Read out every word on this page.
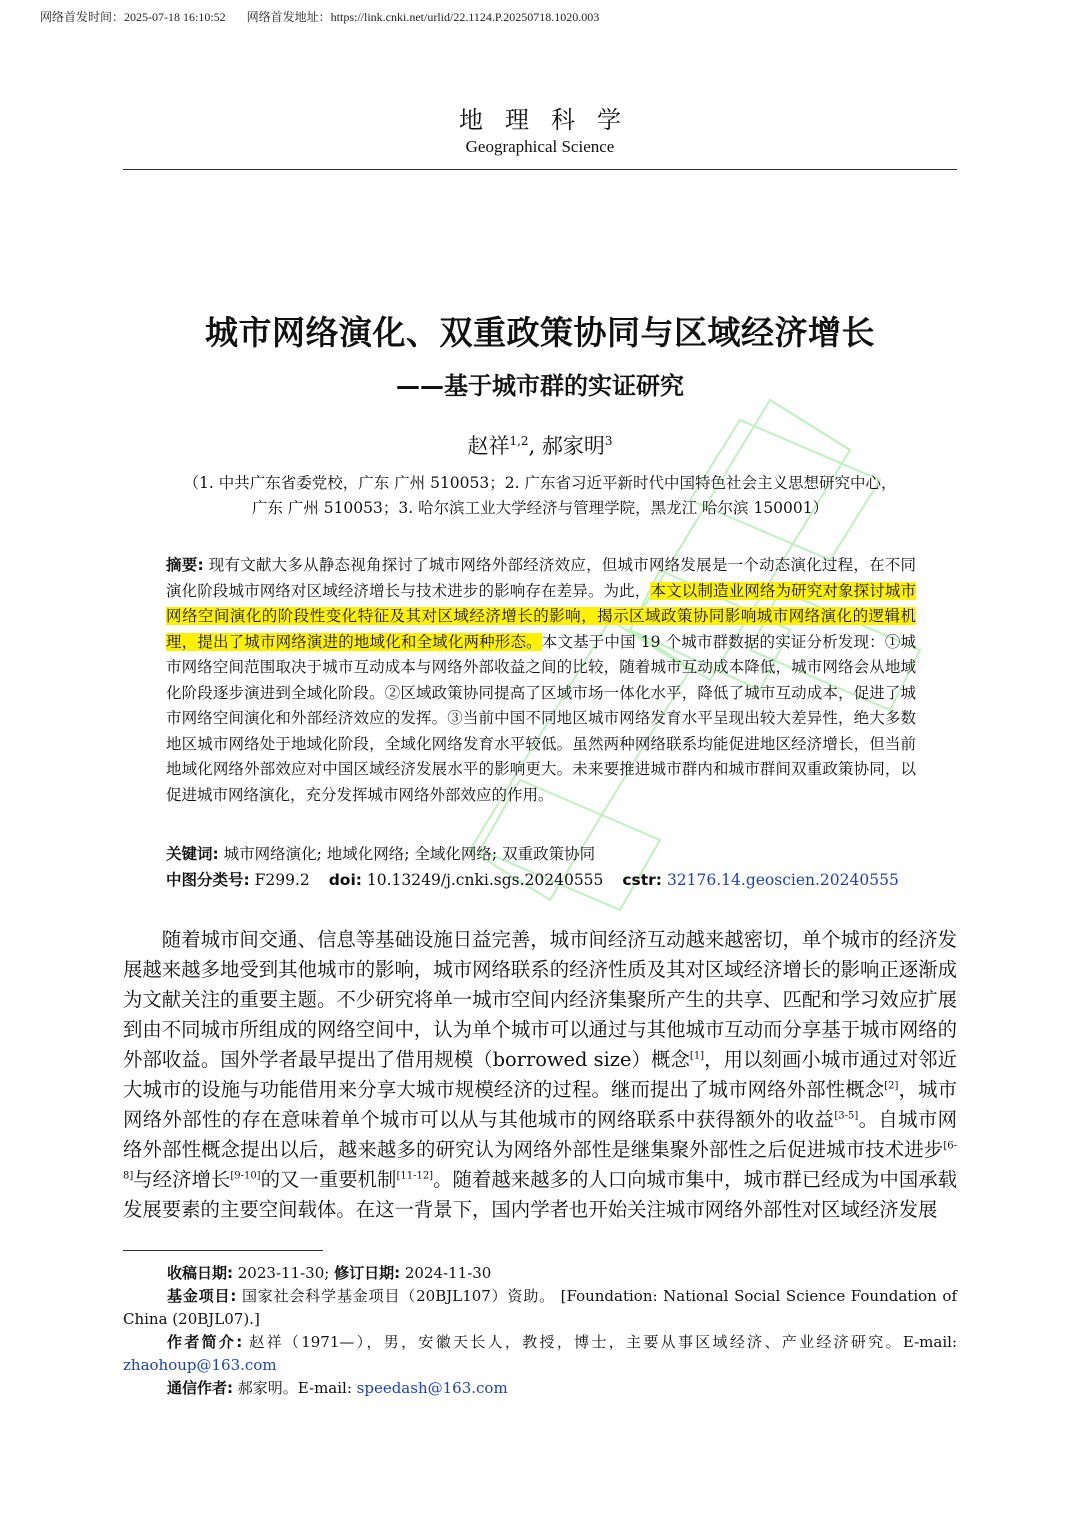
网络首发时间：2025-07-18 16:10:52 网络首发地址：https://link.cnki.net/urlid/22.1124.P.20250718.1020.003
地理科学
Geographical Science
城市网络演化、双重政策协同与区域经济增长
——基于城市群的实证研究
赵祥$^{1,2}$, 郝家明$^3$
（1. 中共广东省委党校，广东 广州 510053；2. 广东省习近平新时代中国特色社会主义思想研究中心，
广东 广州 510053；3. 哈尔滨工业大学经济与管理学院，黑龙江 哈尔滨 150001）
摘要: 现有文献大多从静态视角探讨了城市网络外部经济效应，但城市网络发展是一个动态演化过程，在不同演化阶段城市网络对区域经济增长与技术进步的影响存在差异。为此，本文以制造业网络为研究对象探讨城市网络空间演化的阶段性变化特征及其对区域经济增长的影响，揭示区域政策协同影响城市网络演化的逻辑机理，提出了城市网络演进的地域化和全域化两种形态。本文基于中国 19 个城市群数据的实证分析发现：①城市网络空间范围取决于城市互动成本与网络外部收益之间的比较，随着城市互动成本降低，城市网络会从地域化阶段逐步演进到全域化阶段。②区域政策协同提高了区域市场一体化水平，降低了城市互动成本，促进了城市网络空间演化和外部经济效应的发挥。③当前中国不同地区城市网络发育水平呈现出较大差异性，绝大多数地区城市网络处于地域化阶段，全域化网络发育水平较低。虽然两种网络联系均能促进地区经济增长，但当前地域化网络外部效应对中国区域经济发展水平的影响更大。未来要推进城市群内和城市群间双重政策协同，以促进城市网络演化，充分发挥城市网络外部效应的作用。
关键词: 城市网络演化; 地域化网络; 全域化网络; 双重政策协同
中图分类号: F299.2 doi: 10.13249/j.cnki.sgs.20240555 cstr: 32176.14.geoscien.20240555
随着城市间交通、信息等基础设施日益完善，城市间经济互动越来越密切，单个城市的经济发展越来越多地受到其他城市的影响，城市网络联系的经济性质及其对区域经济增长的影响正逐渐成为文献关注的重要主题。不少研究将单一城市空间内经济集聚所产生的共享、匹配和学习效应扩展到由不同城市所组成的网络空间中，认为单个城市可以通过与其他城市互动而分享基于城市网络的外部收益。国外学者最早提出了借用规模（borrowed size）概念[1]，用以刻画小城市通过对邻近大城市的设施与功能借用来分享大城市规模经济的过程。继而提出了城市网络外部性概念[2]，城市网络外部性的存在意味着单个城市可以从与其他城市的网络联系中获得额外的收益[3-5]。自城市网络外部性概念提出以后，越来越多的研究认为网络外部性是继集聚外部性之后促进城市技术进步[6-8]与经济增长[9-10]的又一重要机制[11-12]。随着越来越多的人口向城市集中，城市群已经成为中国承载发展要素的主要空间载体。在这一背景下，国内学者也开始关注城市网络外部性对区域经济发展
收稿日期: 2023-11-30; 修订日期: 2024-11-30
基金项目: 国家社会科学基金项目（20BJL107）资助。 [Foundation: National Social Science Foundation of China (20BJL07).]
作者简介: 赵祥（1971—），男，安徽天长人，教授，博士，主要从事区域经济、产业经济研究。E-mail: zhaohoup@163.com
通信作者: 郝家明。E-mail: speedash@163.com
